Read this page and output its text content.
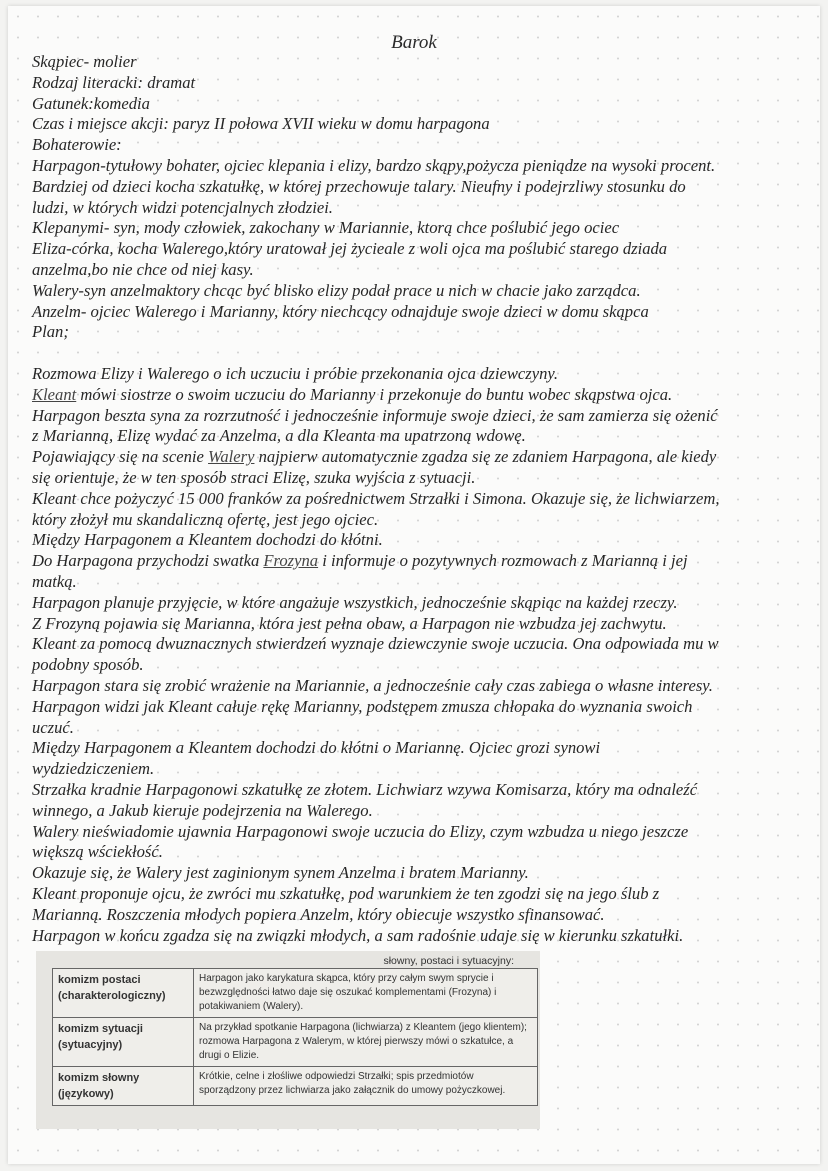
Barok
Skąpiec- molier
Rodzaj literacki: dramat
Gatunek:komedia
Czas i miejsce akcji: paryz II połowa XVII wieku w domu harpagona
Bohaterowie:
Harpagon-tytułowy bohater, ojciec klepania i elizy, bardzo skąpy,pożycza pieniądze na wysoki procent.
Bardziej od dzieci kocha szkatułkę, w której przechowuje talary. Nieufny i podejrzliwy stosunku do
ludzi, w których widzi potencjalnych złodziei.
Klepanymi- syn, mody człowiek, zakochany w Mariannie, ktorą chce poślubić jego ociec
Eliza-córka, kocha Walerego,który uratował jej życieale z woli ojca ma poślubić starego dziada
anzelma,bo nie chce od niej kasy.
Walery-syn anzelmaktory chcąc być blisko elizy podał prace u nich w chacie jako zarządca.
Anzelm- ojciec Walerego i Marianny, który niechcący odnajduje swoje dzieci w domu skąpca
Plan;
Rozmowa Elizy i Walerego o ich uczuciu i próbie przekonania ojca dziewczyny.
Kleant mówi siostrze o swoim uczuciu do Marianny i przekonuje do buntu wobec skąpstwa ojca.
Harpagon beszta syna za rozrzutność i jednocześnie informuje swoje dzieci, że sam zamierza się ożenić
z Marianną, Elizę wydać za Anzelma, a dla Kleanta ma upatrzoną wdowę.
Pojawiający się na scenie Walery najpierw automatycznie zgadza się ze zdaniem Harpagona, ale kiedy
się orientuje, że w ten sposób straci Elizę, szuka wyjścia z sytuacji.
Kleant chce pożyczyć 15 000 franków za pośrednictwem Strzałki i Simona. Okazuje się, że lichwiarzem,
który złożył mu skandaliczną ofertę, jest jego ojciec.
Między Harpagonem a Kleantem dochodzi do kłótni.
Do Harpagona przychodzi swatka Frozyna i informuje o pozytywnych rozmowach z Marianną i jej
matką.
Harpagon planuje przyjęcie, w które angażuje wszystkich, jednocześnie skąpiąc na każdej rzeczy.
Z Frozyną pojawia się Marianna, która jest pełna obaw, a Harpagon nie wzbudza jej zachwytu.
Kleant za pomocą dwuznacznych stwierdzeń wyznaje dziewczynie swoje uczucia. Ona odpowiada mu w
podobny sposób.
Harpagon stara się zrobić wrażenie na Mariannie, a jednocześnie cały czas zabiega o własne interesy.
Harpagon widzi jak Kleant całuje rękę Marianny, podstępem zmusza chłopaka do wyznania swoich
uczuć.
Między Harpagonem a Kleantem dochodzi do kłótni o Mariannę. Ojciec grozi synowi
wydziedziczeniem.
Strzałka kradnie Harpagonowi szkatułkę ze złotem. Lichwiarz wzywa Komisarza, który ma odnaleźć
winnego, a Jakub kieruje podejrzenia na Walerego.
Walery nieświadomie ujawnia Harpagonowi swoje uczucia do Elizy, czym wzbudza u niego jeszcze
większą wściekłość.
Okazuje się, że Walery jest zaginionym synem Anzelma i bratem Marianny.
Kleant proponuje ojcu, że zwróci mu szkatułkę, pod warunkiem że ten zgodzi się na jego ślub z
Marianną. Roszczenia młodych popiera Anzelm, który obiecuje wszystko sfinansować.
Harpagon w końcu zgadza się na związki młodych, a sam radośnie udaje się w kierunku szkatułki.
słowny, postaci i sytuacyjny:
komizm postaci (charakterologiczny)	Harpagon jako karykatura skąpca, który przy całym swym sprycie i bezwzględności łatwo daje się oszukać komplementami (Frozyna) i potakiwaniem (Walery).
komizm sytuacji (sytuacyjny)	Na przykład spotkanie Harpagona (lichwiarza) z Kleantem (jego klientem); rozmowa Harpagona z Walerym, w której pierwszy mówi o szkatułce, a drugi o Elizie.
komizm słowny (językowy)	Krótkie, celne i złośliwe odpowiedzi Strzałki; spis przedmiotów sporządzony przez lichwiarza jako załącznik do umowy pożyczkowej.
